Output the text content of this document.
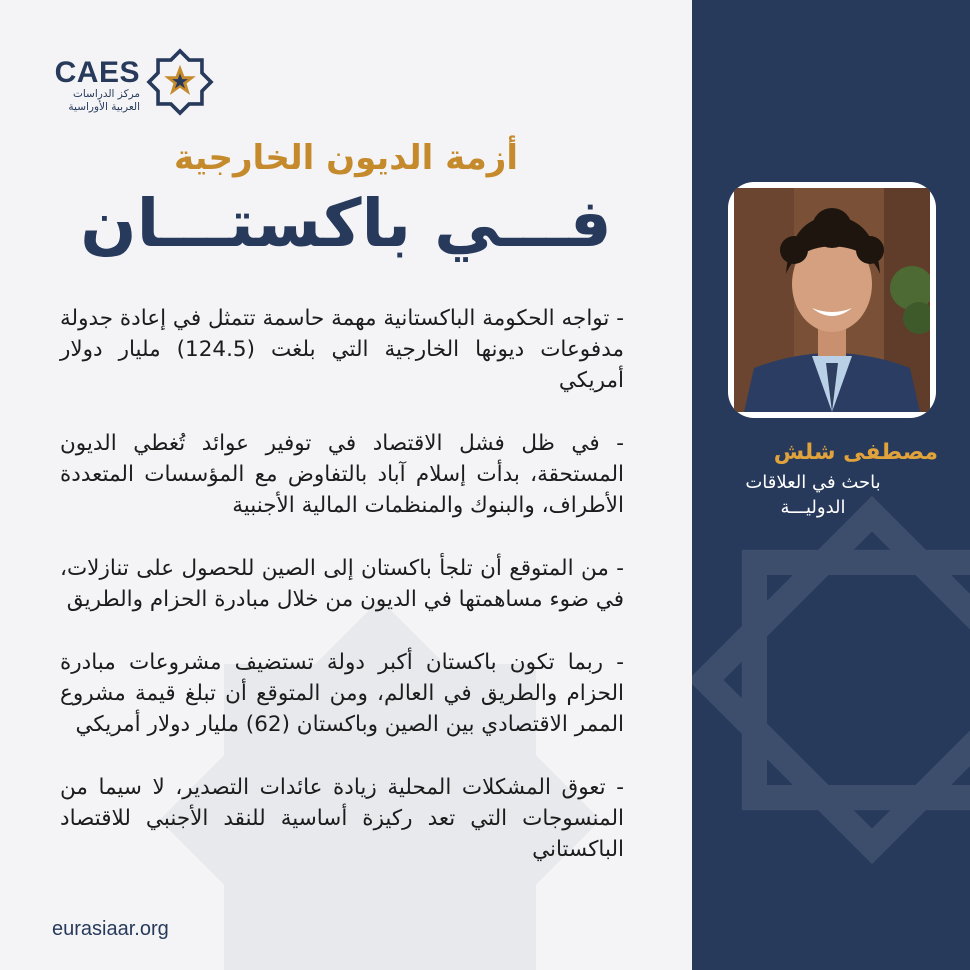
CAES
مركز الدراسات
العربية الأوراسية
أزمة الديون الخارجية
فـــي باكستـــان

- تواجه الحكومة الباكستانية مهمة حاسمة تتمثل في إعادة جدولة مدفوعات ديونها الخارجية التي بلغت (124.5) مليار دولار أمريكي

- في ظل فشل الاقتصاد في توفير عوائد تُغطي الديون المستحقة، بدأت إسلام آباد بالتفاوض مع المؤسسات المتعددة الأطراف، والبنوك والمنظمات المالية الأجنبية

- من المتوقع أن تلجأ باكستان إلى الصين للحصول على تنازلات، في ضوء مساهمتها في الديون من خلال مبادرة الحزام والطريق

- ربما تكون باكستان أكبر دولة تستضيف مشروعات مبادرة الحزام والطريق في العالم، ومن المتوقع أن تبلغ قيمة مشروع الممر الاقتصادي بين الصين وباكستان (62) مليار دولار أمريكي

- تعوق المشكلات المحلية زيادة عائدات التصدير، لا سيما من المنسوجات التي تعد ركيزة أساسية للنقد الأجنبي للاقتصاد الباكستاني

eurasiaar.org
مصطفى شلش
باحث في العلاقات
الدوليـــة
